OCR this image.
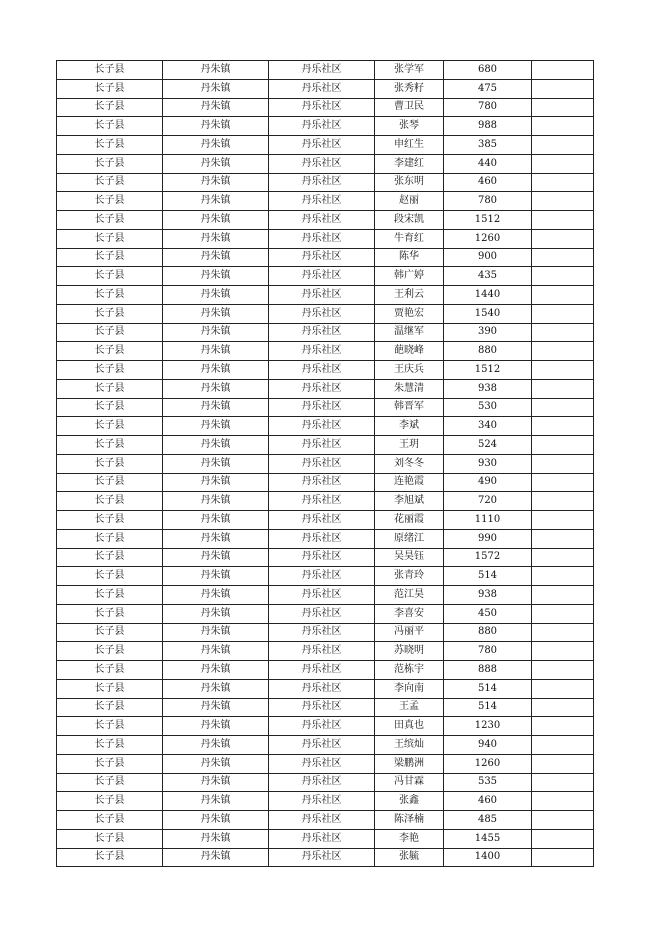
长子县	丹朱镇	丹乐社区	张学军	680	
长子县	丹朱镇	丹乐社区	张秀籽	475	
长子县	丹朱镇	丹乐社区	曹卫民	780	
长子县	丹朱镇	丹乐社区	张琴	988	
长子县	丹朱镇	丹乐社区	申红生	385	
长子县	丹朱镇	丹乐社区	李建红	440	
长子县	丹朱镇	丹乐社区	张东明	460	
长子县	丹朱镇	丹乐社区	赵丽	780	
长子县	丹朱镇	丹乐社区	段宋凯	1512	
长子县	丹朱镇	丹乐社区	牛育红	1260	
长子县	丹朱镇	丹乐社区	陈华	900	
长子县	丹朱镇	丹乐社区	韩广婷	435	
长子县	丹朱镇	丹乐社区	王利云	1440	
长子县	丹朱镇	丹乐社区	贾艳宏	1540	
长子县	丹朱镇	丹乐社区	温继军	390	
长子县	丹朱镇	丹乐社区	葩晓峰	880	
长子县	丹朱镇	丹乐社区	王庆兵	1512	
长子县	丹朱镇	丹乐社区	朱慧清	938	
长子县	丹朱镇	丹乐社区	韩晋军	530	
长子县	丹朱镇	丹乐社区	李斌	340	
长子县	丹朱镇	丹乐社区	王玥	524	
长子县	丹朱镇	丹乐社区	刘冬冬	930	
长子县	丹朱镇	丹乐社区	连艳霞	490	
长子县	丹朱镇	丹乐社区	李旭斌	720	
长子县	丹朱镇	丹乐社区	花丽霞	1110	
长子县	丹朱镇	丹乐社区	原绪江	990	
长子县	丹朱镇	丹乐社区	吴昊钰	1572	
长子县	丹朱镇	丹乐社区	张青玲	514	
长子县	丹朱镇	丹乐社区	范江昊	938	
长子县	丹朱镇	丹乐社区	李喜安	450	
长子县	丹朱镇	丹乐社区	冯丽平	880	
长子县	丹朱镇	丹乐社区	苏晓明	780	
长子县	丹朱镇	丹乐社区	范栋宇	888	
长子县	丹朱镇	丹乐社区	李向南	514	
长子县	丹朱镇	丹乐社区	王孟	514	
长子县	丹朱镇	丹乐社区	田真也	1230	
长子县	丹朱镇	丹乐社区	王缤灿	940	
长子县	丹朱镇	丹乐社区	梁鹏洲	1260	
长子县	丹朱镇	丹乐社区	冯甘霖	535	
长子县	丹朱镇	丹乐社区	张鑫	460	
长子县	丹朱镇	丹乐社区	陈泽楠	485	
长子县	丹朱镇	丹乐社区	李艳	1455	
长子县	丹朱镇	丹乐社区	张毓	1400	
